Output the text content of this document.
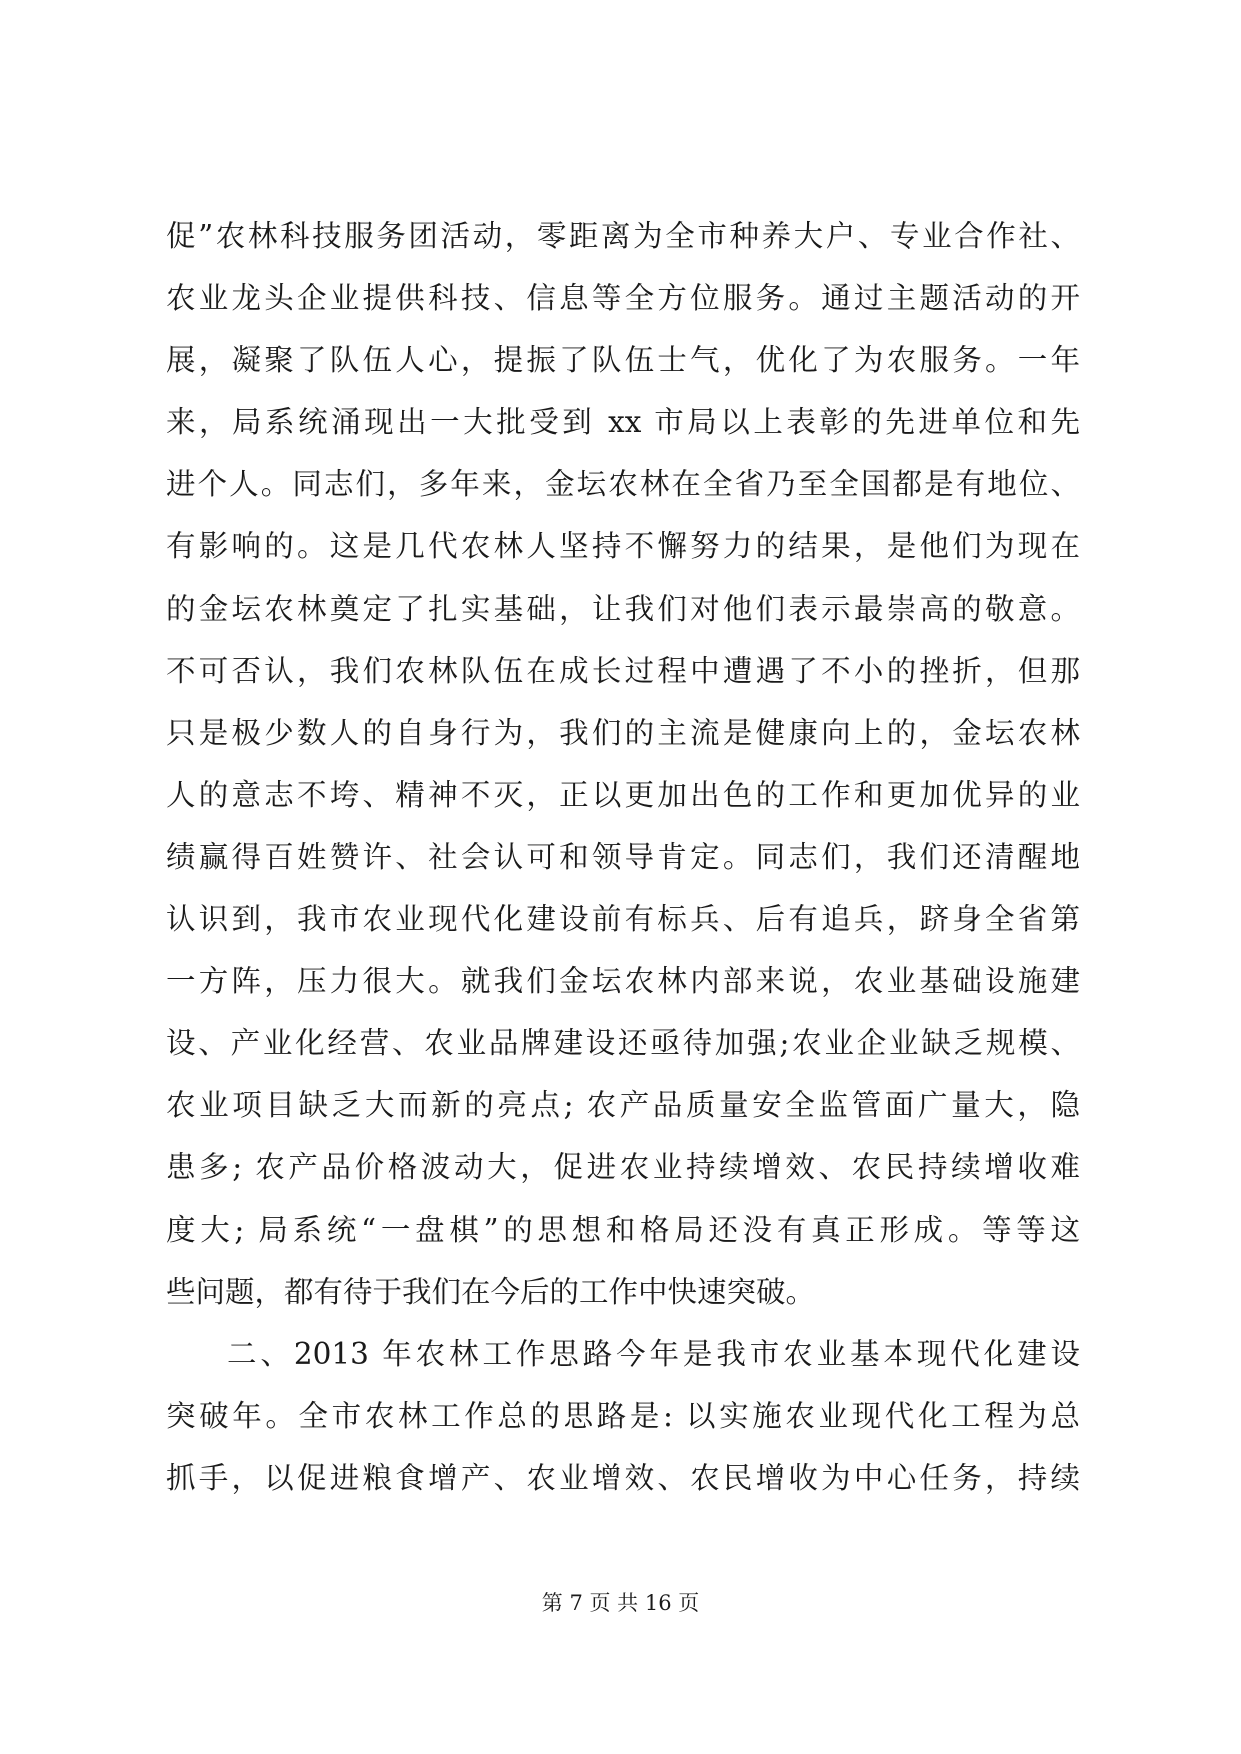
促”农林科技服务团活动，零距离为全市种养大户、专业合作社、
农业龙头企业提供科技、信息等全方位服务。通过主题活动的开
展，凝聚了队伍人心，提振了队伍士气，优化了为农服务。一年
来，局系统涌现出一大批受到 xx 市局以上表彰的先进单位和先
进个人。同志们，多年来，金坛农林在全省乃至全国都是有地位、
有影响的。这是几代农林人坚持不懈努力的结果，是他们为现在
的金坛农林奠定了扎实基础，让我们对他们表示最崇高的敬意。
不可否认，我们农林队伍在成长过程中遭遇了不小的挫折，但那
只是极少数人的自身行为，我们的主流是健康向上的，金坛农林
人的意志不垮、精神不灭，正以更加出色的工作和更加优异的业
绩赢得百姓赞许、社会认可和领导肯定。同志们，我们还清醒地
认识到，我市农业现代化建设前有标兵、后有追兵，跻身全省第
一方阵，压力很大。就我们金坛农林内部来说，农业基础设施建
设、产业化经营、农业品牌建设还亟待加强;农业企业缺乏规模、
农业项目缺乏大而新的亮点; 农产品质量安全监管面广量大，隐
患多; 农产品价格波动大，促进农业持续增效、农民持续增收难
度大; 局系统“一盘棋”的思想和格局还没有真正形成。等等这
些问题，都有待于我们在今后的工作中快速突破。
二、2013 年农林工作思路今年是我市农业基本现代化建设
突破年。全市农林工作总的思路是: 以实施农业现代化工程为总
抓手，以促进粮食增产、农业增效、农民增收为中心任务，持续
第 7 页 共 16 页
